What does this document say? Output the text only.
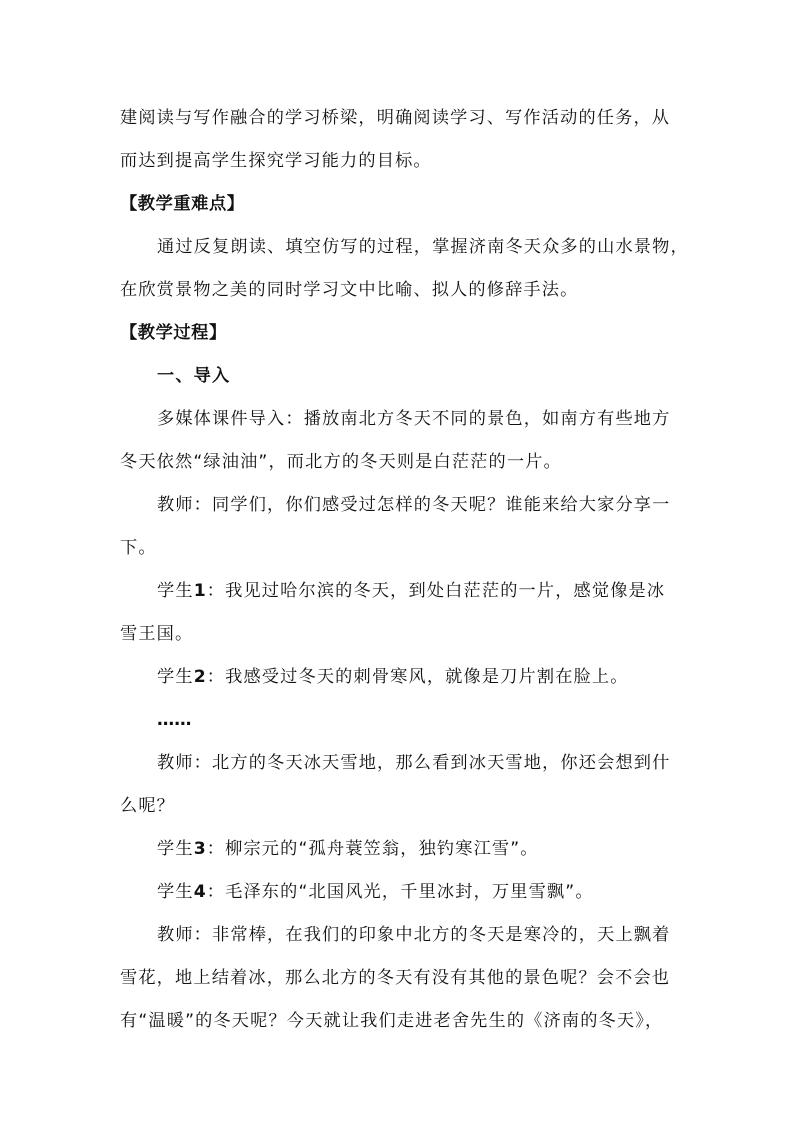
建阅读与写作融合的学习桥梁，明确阅读学习、写作活动的任务，从
而达到提高学生探究学习能力的目标。
【教学重难点】
通过反复朗读、填空仿写的过程，掌握济南冬天众多的山水景物，
在欣赏景物之美的同时学习文中比喻、拟人的修辞手法。
【教学过程】
一、导入
多媒体课件导入：播放南北方冬天不同的景色，如南方有些地方
冬天依然“绿油油”，而北方的冬天则是白茫茫的一片。
教师：同学们，你们感受过怎样的冬天呢？谁能来给大家分享一
下。
学生1：我见过哈尔滨的冬天，到处白茫茫的一片，感觉像是冰
雪王国。
学生2：我感受过冬天的刺骨寒风，就像是刀片割在脸上。
……
教师：北方的冬天冰天雪地，那么看到冰天雪地，你还会想到什
么呢？
学生3：柳宗元的“孤舟蓑笠翁，独钓寒江雪”。
学生4：毛泽东的“北国风光，千里冰封，万里雪飘”。
教师：非常棒，在我们的印象中北方的冬天是寒冷的，天上飘着
雪花，地上结着冰，那么北方的冬天有没有其他的景色呢？会不会也
有“温暖”的冬天呢？今天就让我们走进老舍先生的《济南的冬天》，
